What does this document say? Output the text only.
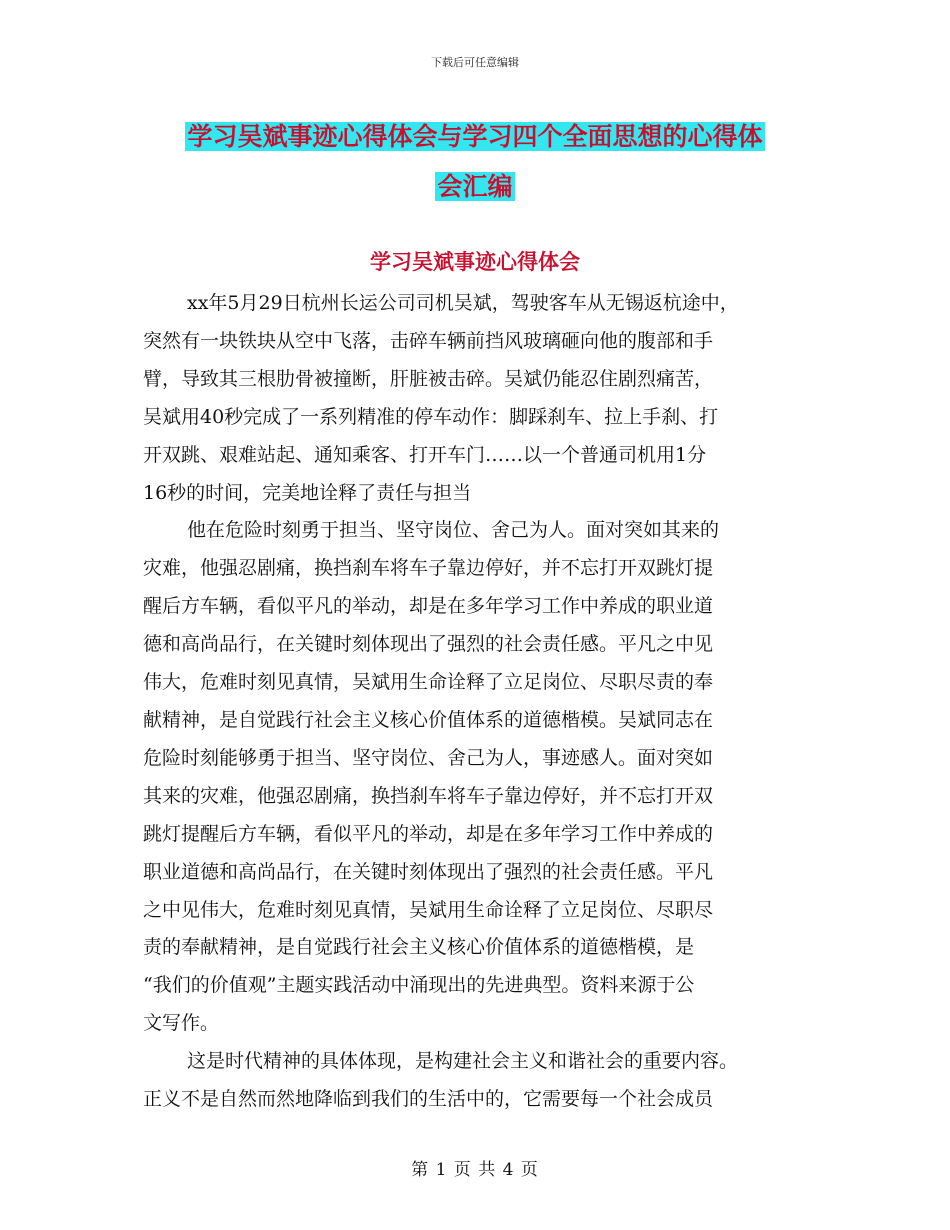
下载后可任意编辑
学习吴斌事迹心得体会与学习四个全面思想的心得体
会汇编
学习吴斌事迹心得体会

xx年5月29日杭州长运公司司机吴斌，驾驶客车从无锡返杭途中，

突然有一块铁块从空中飞落，击碎车辆前挡风玻璃砸向他的腹部和手

臂，导致其三根肋骨被撞断，肝脏被击碎。吴斌仍能忍住剧烈痛苦，

吴斌用40秒完成了一系列精准的停车动作：脚踩刹车、拉上手刹、打

开双跳、艰难站起、通知乘客、打开车门……以一个普通司机用1分

16秒的时间，完美地诠释了责任与担当

他在危险时刻勇于担当、坚守岗位、舍己为人。面对突如其来的

灾难，他强忍剧痛，换挡刹车将车子靠边停好，并不忘打开双跳灯提

醒后方车辆，看似平凡的举动，却是在多年学习工作中养成的职业道

德和高尚品行，在关键时刻体现出了强烈的社会责任感。平凡之中见

伟大，危难时刻见真情，吴斌用生命诠释了立足岗位、尽职尽责的奉

献精神，是自觉践行社会主义核心价值体系的道德楷模。吴斌同志在

危险时刻能够勇于担当、坚守岗位、舍己为人，事迹感人。面对突如

其来的灾难，他强忍剧痛，换挡刹车将车子靠边停好，并不忘打开双

跳灯提醒后方车辆，看似平凡的举动，却是在多年学习工作中养成的

职业道德和高尚品行，在关键时刻体现出了强烈的社会责任感。平凡

之中见伟大，危难时刻见真情，吴斌用生命诠释了立足岗位、尽职尽

责的奉献精神，是自觉践行社会主义核心价值体系的道德楷模，是

“我们的价值观”主题实践活动中涌现出的先进典型。资料来源于公

文写作。

这是时代精神的具体体现，是构建社会主义和谐社会的重要内容。

正义不是自然而然地降临到我们的生活中的，它需要每一个社会成员

第 1 页 共 4 页
